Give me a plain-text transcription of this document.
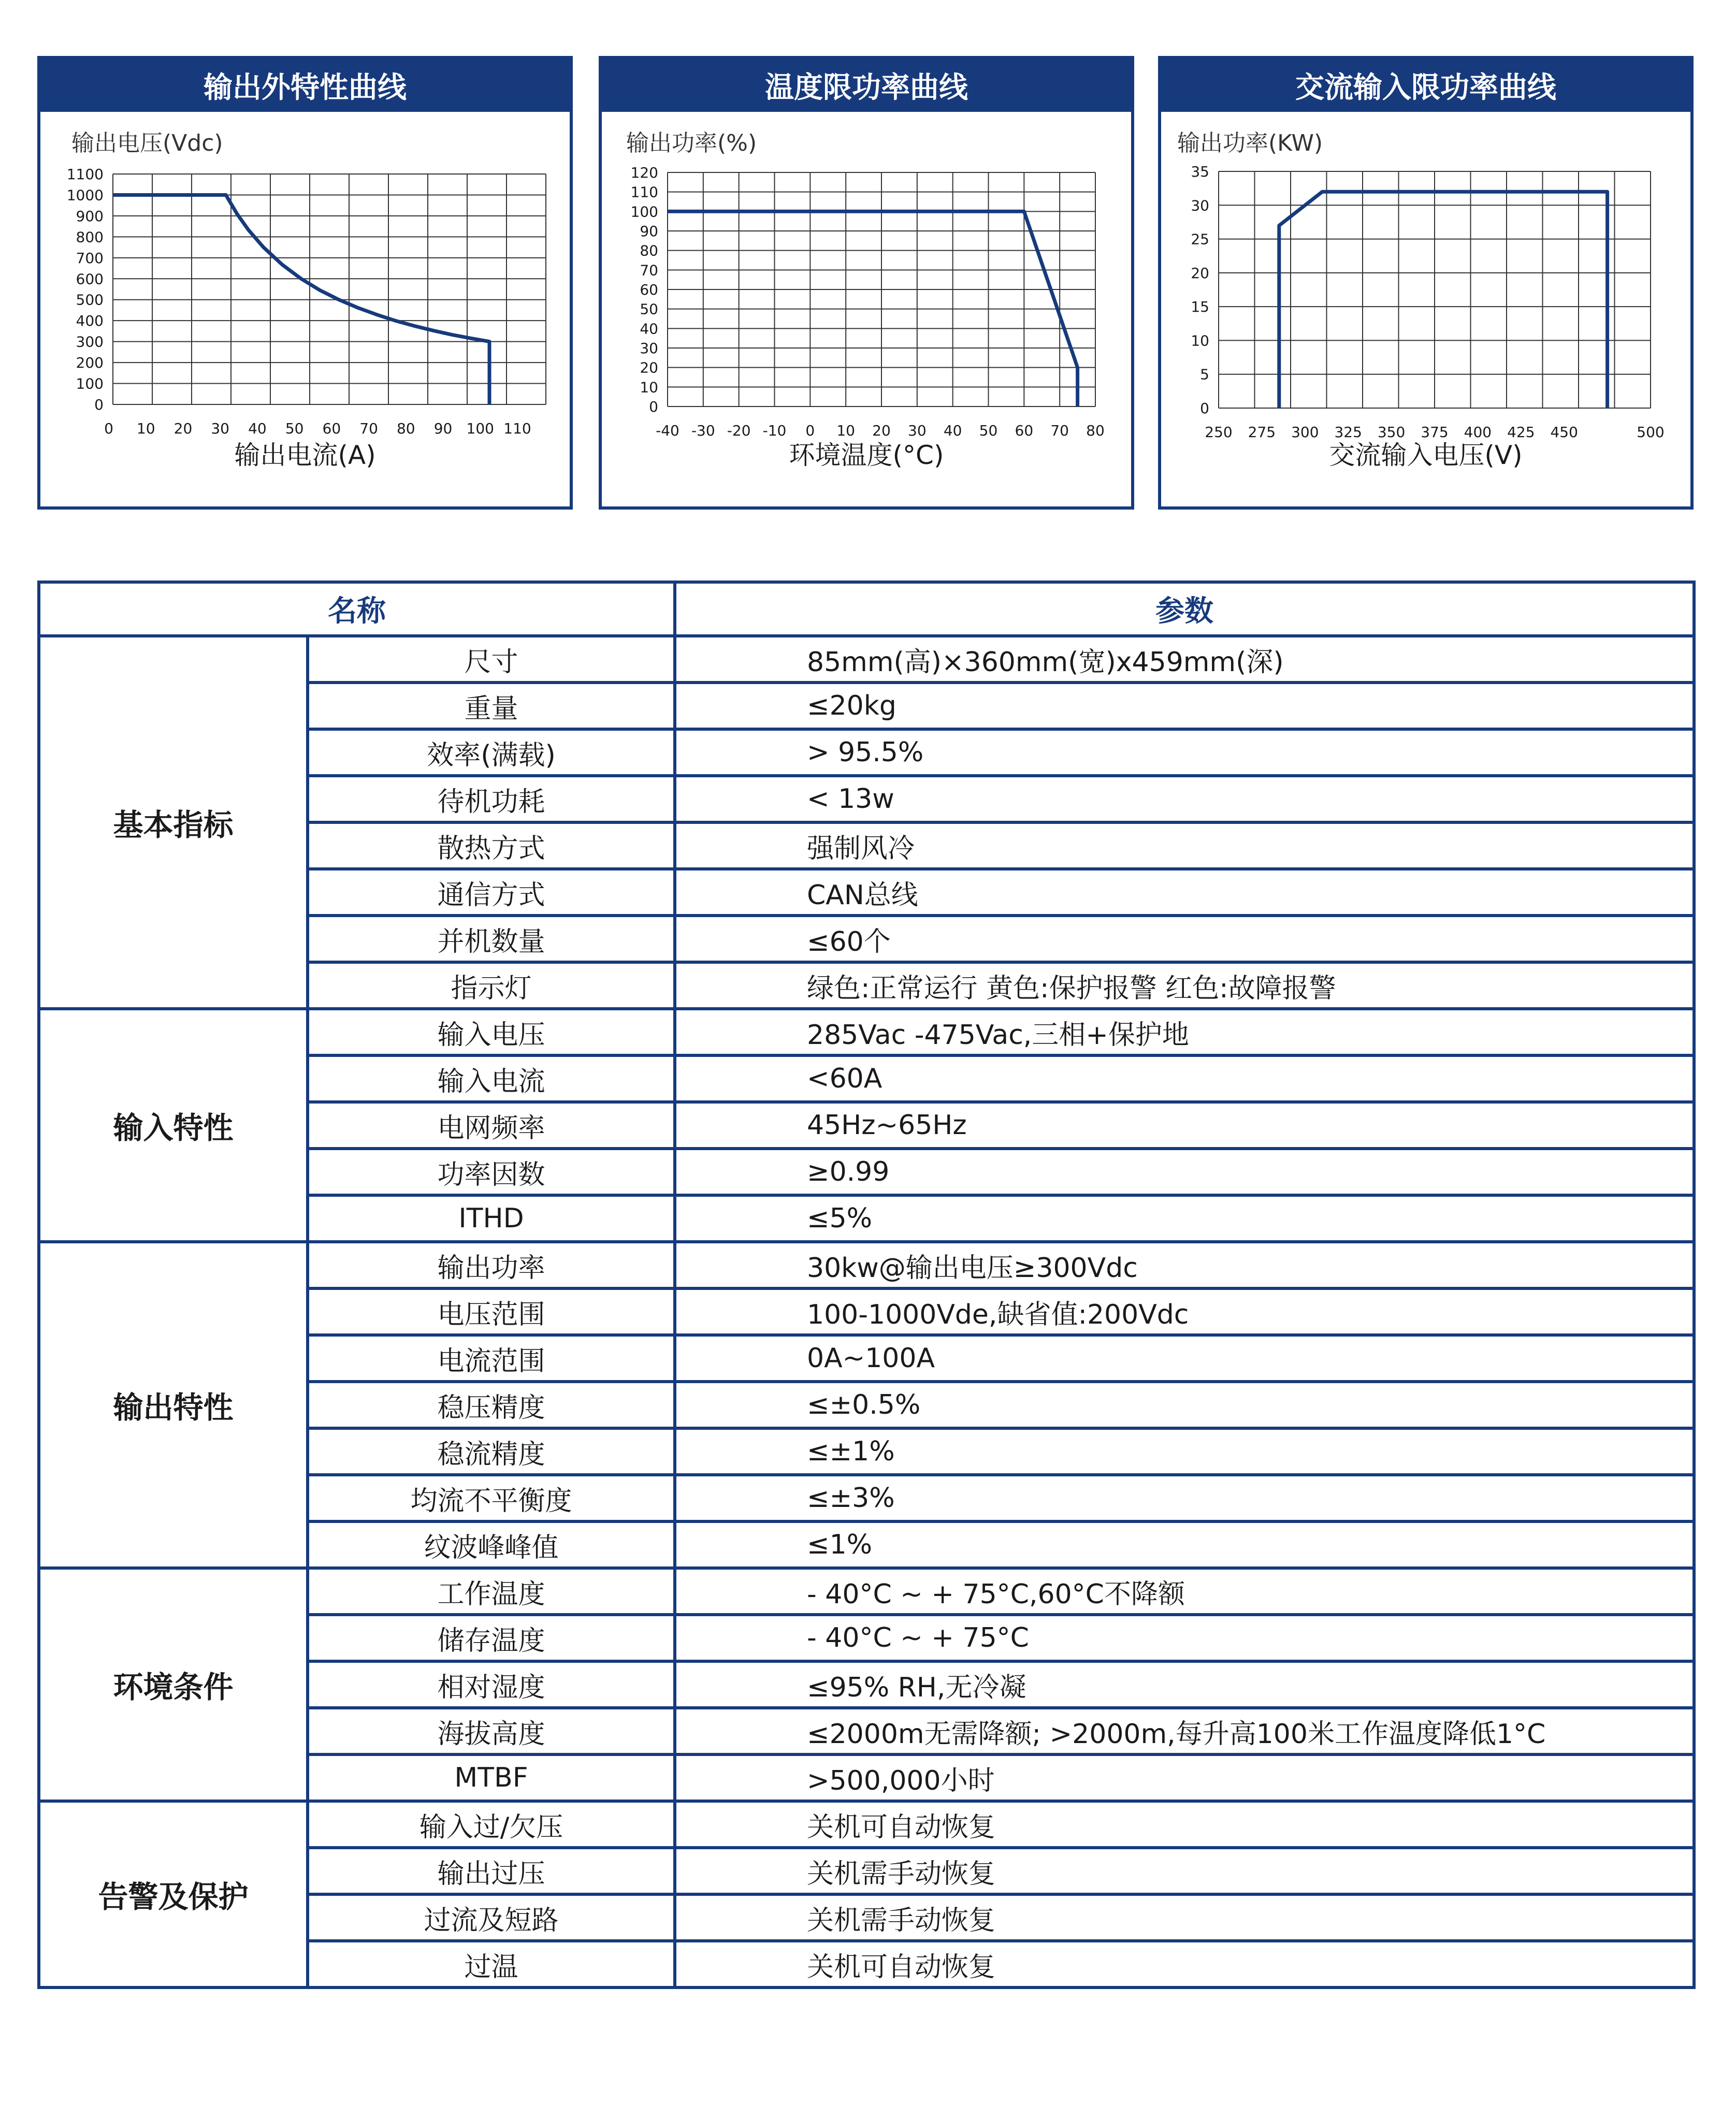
输出外特性曲线
输出电压(Vdc)
0
100
200
300
400
500
600
700
800
900
1000
1100
0 10 20 30 40 50 60 70 80 90 100 110
输出电流(A)
温度限功率曲线
输出功率(%)
0
10
20
30
40
50
60
70
80
90
100
110
120
-40 -30 -20 -10 0 10 20 30 40 50 60 70 80
环境温度(°C)
交流输入限功率曲线
输出功率(KW)
0
5
10
15
20
25
30
35
250 275 300 325 350 375 400 425 450	500
交流输入电压(V)
名称		参数
基本指标	尺寸	85mm(高)×360mm(宽)x459mm(深)
	重量	≤20kg
	效率(满载)	> 95.5%
	待机功耗	< 13w
	散热方式	强制风冷
	通信方式	CAN总线
	并机数量	≤60个
	指示灯	绿色:正常运行 黄色:保护报警 红色:故障报警
输入特性	输入电压	285Vac -475Vac,三相+保护地
	输入电流	<60A
	电网频率	45Hz~65Hz
	功率因数	≥0.99
	ITHD	≤5%
输出特性	输出功率	30kw@输出电压≥300Vdc
	电压范围	100-1000Vde,缺省值:200Vdc
	电流范围	0A~100A
	稳压精度	≤±0.5%
	稳流精度	≤±1%
	均流不平衡度	≤±3%
	纹波峰峰值	≤1%
环境条件	工作温度	- 40°C ~ + 75°C,60°C不降额
	储存温度	- 40°C ~ + 75°C
	相对湿度	≤95% RH,无冷凝
	海拔高度	≤2000m无需降额; >2000m,每升高100米工作温度降低1°C
	MTBF	>500,000小时
告警及保护	输入过/欠压	关机可自动恢复
	输出过压	关机需手动恢复
	过流及短路	关机需手动恢复
	过温	关机可自动恢复
